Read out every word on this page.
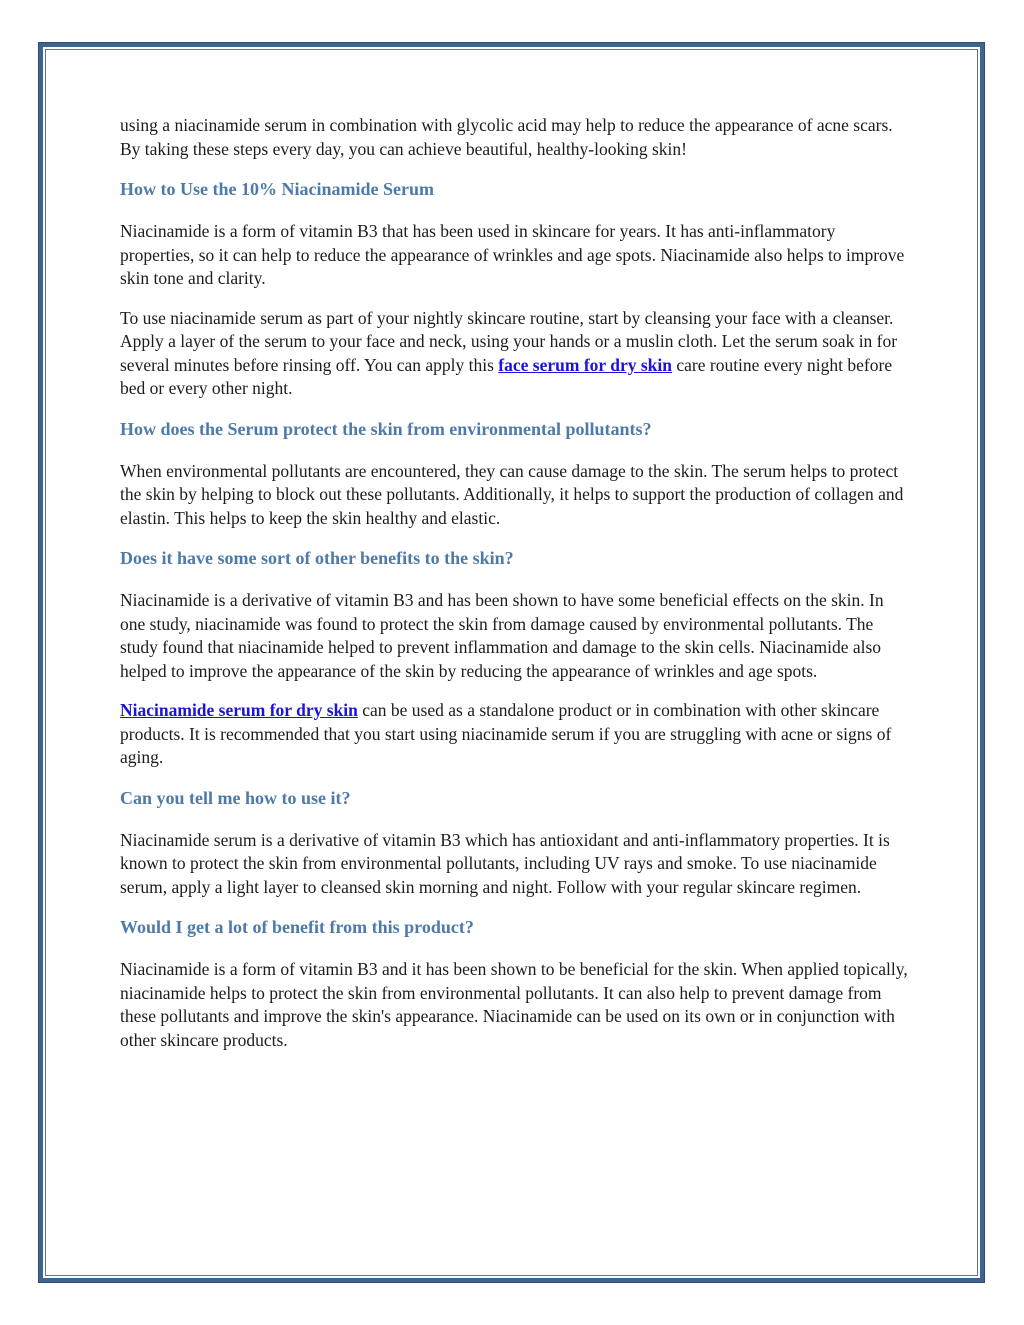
using a niacinamide serum in combination with glycolic acid may help to reduce the appearance of acne scars. By taking these steps every day, you can achieve beautiful, healthy-looking skin!

How to Use the 10% Niacinamide Serum

Niacinamide is a form of vitamin B3 that has been used in skincare for years. It has anti-inflammatory properties, so it can help to reduce the appearance of wrinkles and age spots. Niacinamide also helps to improve skin tone and clarity.

To use niacinamide serum as part of your nightly skincare routine, start by cleansing your face with a cleanser. Apply a layer of the serum to your face and neck, using your hands or a muslin cloth. Let the serum soak in for several minutes before rinsing off. You can apply this face serum for dry skin care routine every night before bed or every other night.

How does the Serum protect the skin from environmental pollutants?

When environmental pollutants are encountered, they can cause damage to the skin. The serum helps to protect the skin by helping to block out these pollutants. Additionally, it helps to support the production of collagen and elastin. This helps to keep the skin healthy and elastic.

Does it have some sort of other benefits to the skin?

Niacinamide is a derivative of vitamin B3 and has been shown to have some beneficial effects on the skin. In one study, niacinamide was found to protect the skin from damage caused by environmental pollutants. The study found that niacinamide helped to prevent inflammation and damage to the skin cells. Niacinamide also helped to improve the appearance of the skin by reducing the appearance of wrinkles and age spots.

Niacinamide serum for dry skin can be used as a standalone product or in combination with other skincare products. It is recommended that you start using niacinamide serum if you are struggling with acne or signs of aging.

Can you tell me how to use it?

Niacinamide serum is a derivative of vitamin B3 which has antioxidant and anti-inflammatory properties. It is known to protect the skin from environmental pollutants, including UV rays and smoke. To use niacinamide serum, apply a light layer to cleansed skin morning and night. Follow with your regular skincare regimen.

Would I get a lot of benefit from this product?

Niacinamide is a form of vitamin B3 and it has been shown to be beneficial for the skin. When applied topically, niacinamide helps to protect the skin from environmental pollutants. It can also help to prevent damage from these pollutants and improve the skin's appearance. Niacinamide can be used on its own or in conjunction with other skincare products.
